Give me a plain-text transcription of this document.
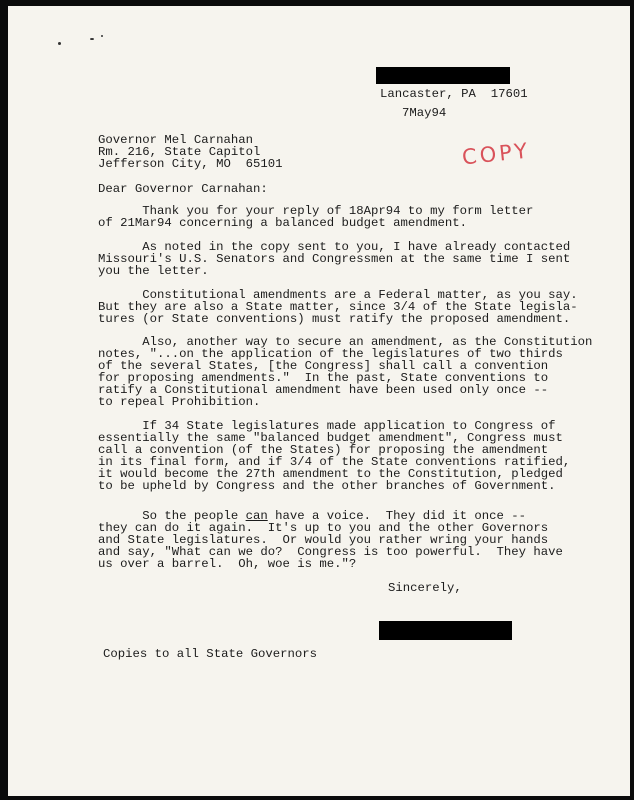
Lancaster, PA  17601

7May94

Governor Mel Carnahan

Rm. 216, State Capitol

Jefferson City, MO  65101	COPY

Dear Governor Carnahan:

Thank you for your reply of 18Apr94 to my form letter

of 21Mar94 concerning a balanced budget amendment.

As noted in the copy sent to you, I have already contacted

Missouri's U.S. Senators and Congressmen at the same time I sent

you the letter.

Constitutional amendments are a Federal matter, as you say.

But they are also a State matter, since 3/4 of the State legisla-

tures (or State conventions) must ratify the proposed amendment.

Also, another way to secure an amendment, as the Constitution

notes, "...on the application of the legislatures of two thirds

of the several States, [the Congress] shall call a convention

for proposing amendments."  In the past, State conventions to

ratify a Constitutional amendment have been used only once --

to repeal Prohibition.

If 34 State legislatures made application to Congress of

essentially the same "balanced budget amendment", Congress must

call a convention (of the States) for proposing the amendment

in its final form, and if 3/4 of the State conventions ratified,

it would become the 27th amendment to the Constitution, pledged

to be upheld by Congress and the other branches of Government.

So the people can have a voice.  They did it once --

they can do it again.  It's up to you and the other Governors

and State legislatures.  Or would you rather wring your hands

and say, "What can we do?  Congress is too powerful.  They have

us over a barrel.  Oh, woe is me."?

Sincerely,

Copies to all State Governors
